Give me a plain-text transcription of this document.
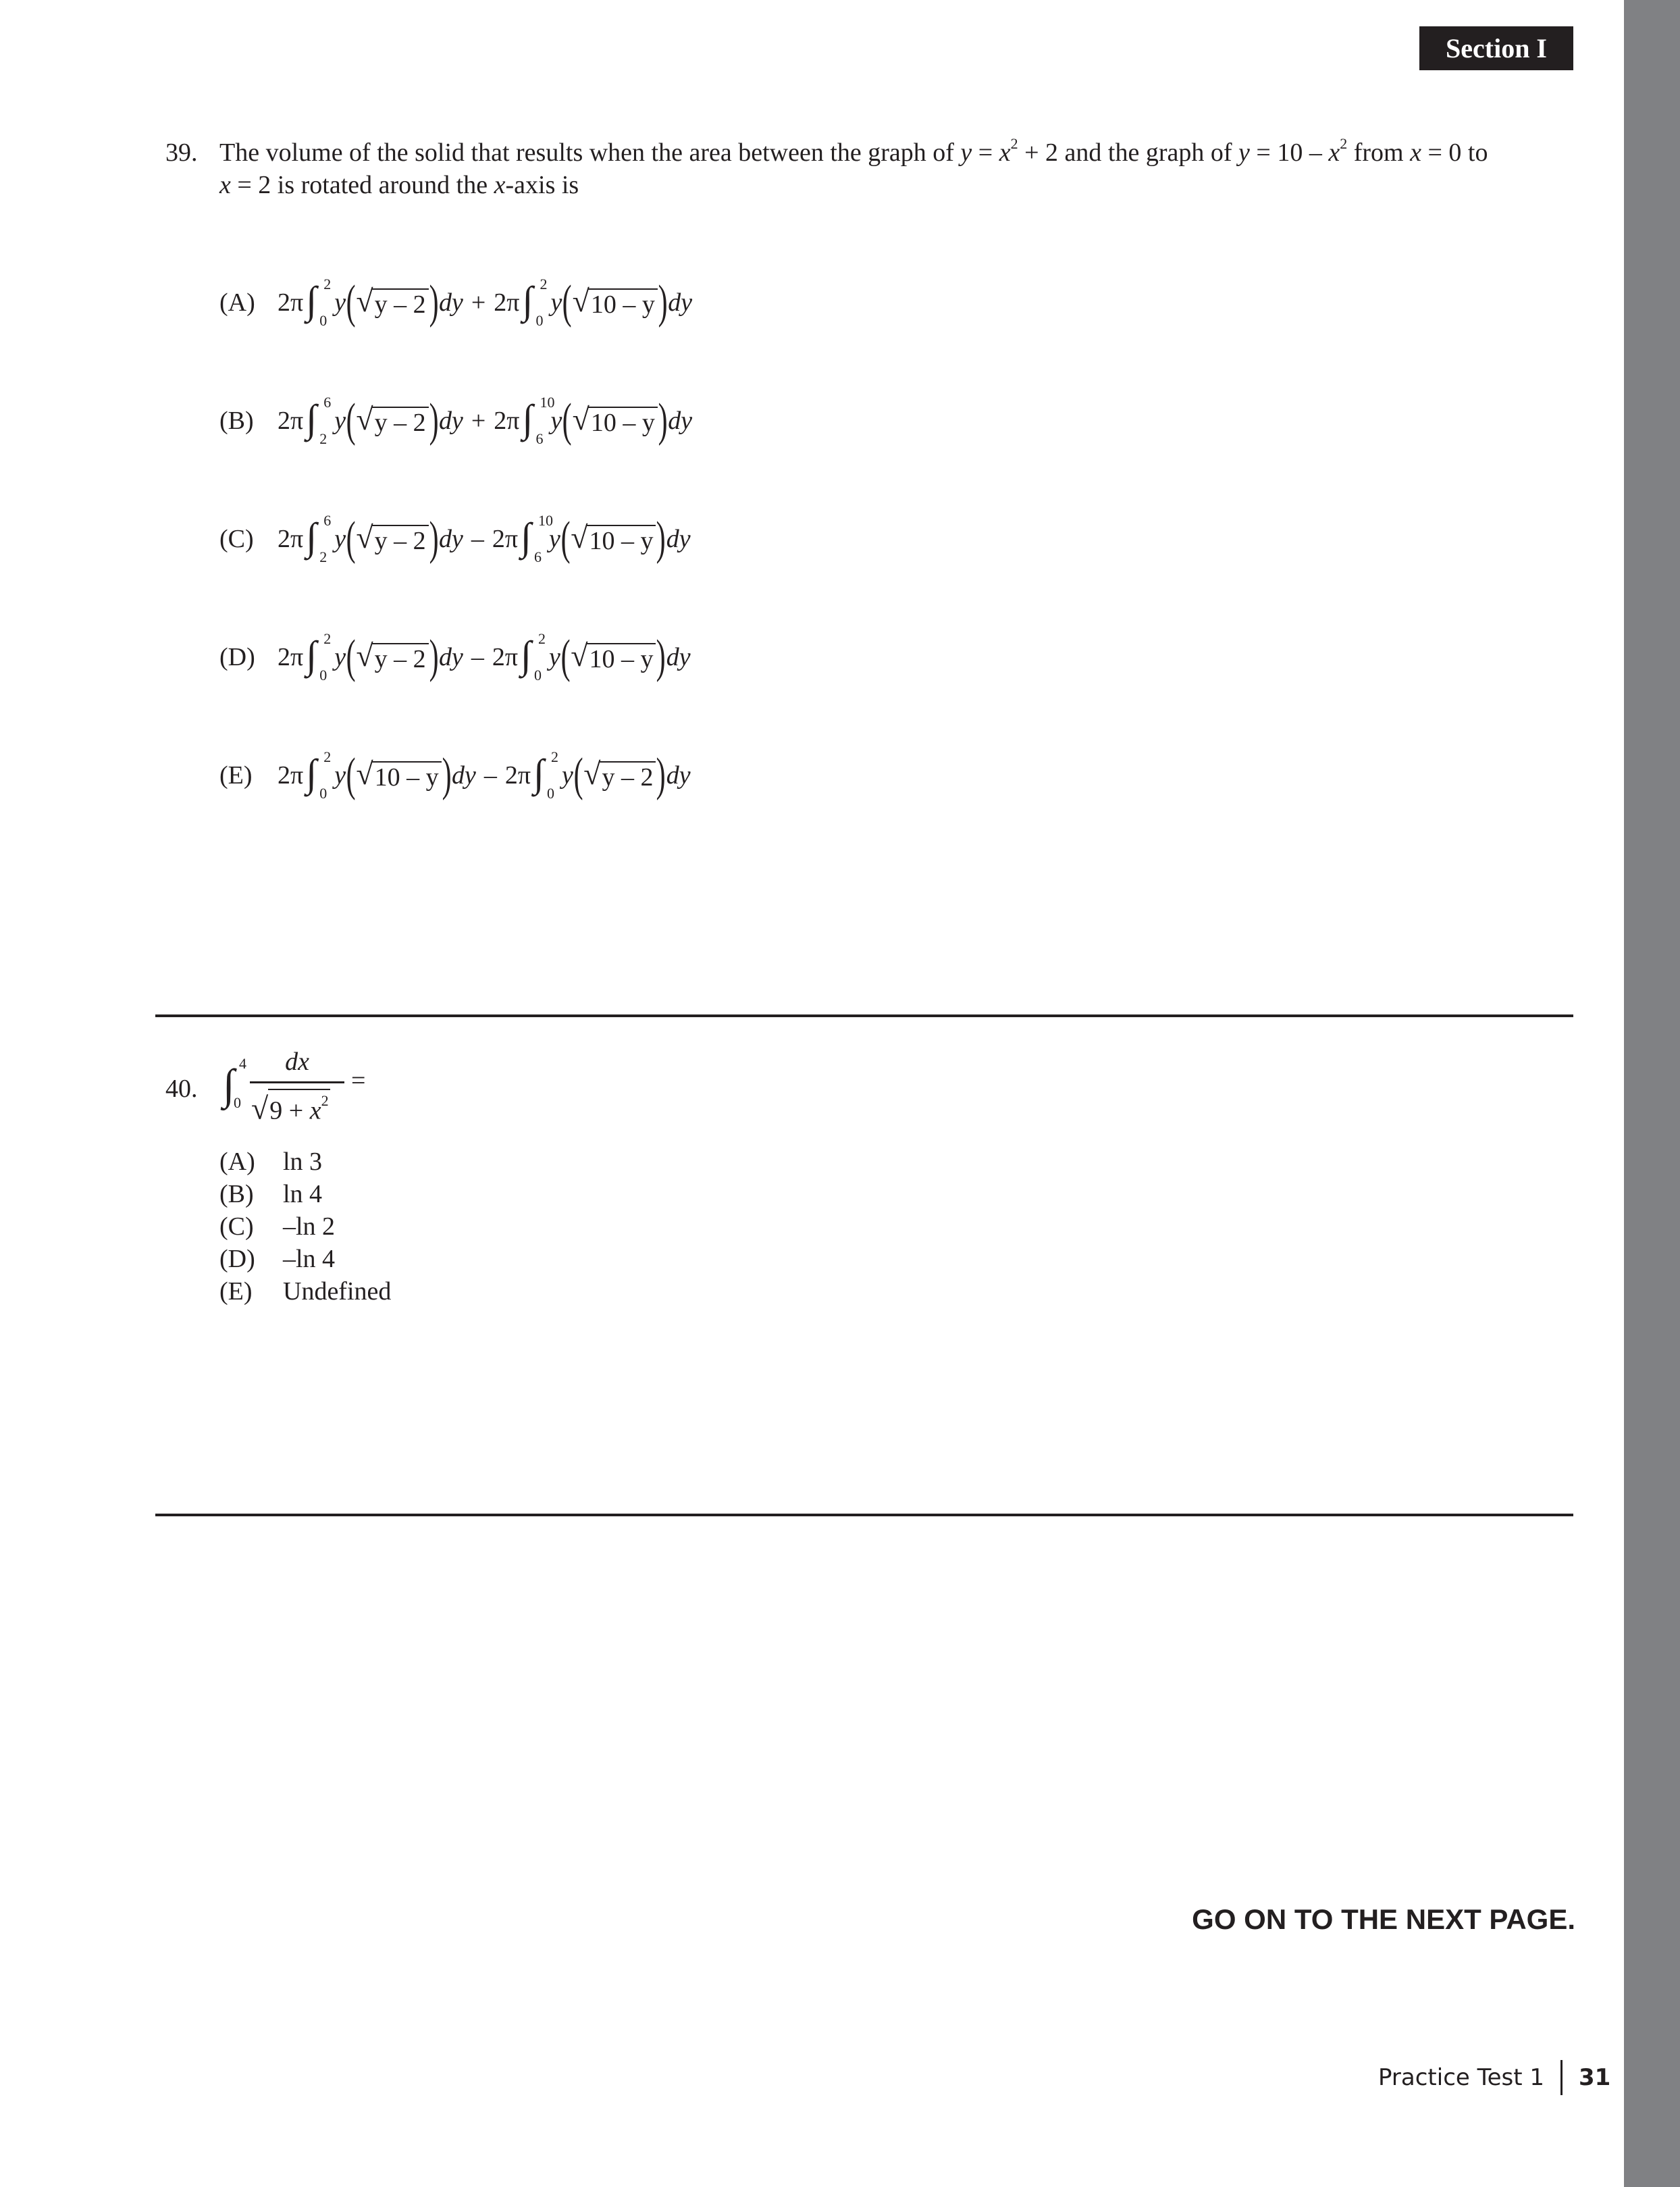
Section I
39. The volume of the solid that results when the area between the graph of $y = x^2 + 2$ and the graph of $y = 10 - x^2$ from x = 0 to
x = 2 is rotated around the x-axis is
(A) 2π ∫ 2
0
y ( √ y – 2 ) dy + 2π ∫ 2
0
y ( √ 10 – y ) dy
(B) 2π ∫ 6
2
y ( √ y – 2 ) dy + 2π ∫ 10
6
y ( √ 10 – y ) dy
(C) 2π ∫ 6
2
y ( √ y – 2 ) dy – 2π ∫ 10
6
y ( √ 10 – y ) dy
(D) 2π ∫ 2
0
y ( √ y – 2 ) dy – 2π ∫ 2
0
y ( √ 10 – y ) dy
(E) 2π ∫ 2
0
y ( √ 10 – y ) dy – 2π ∫ 2
0
y ( √ y – 2 ) dy
40. ∫ 4
0
dx
$√9 + x^2$
=
(A) ln 3
(B) ln 4
(C) –ln 2
(D) –ln 4
(E) Undefined
GO ON TO THE NEXT PAGE.
Practice Test 1 31
